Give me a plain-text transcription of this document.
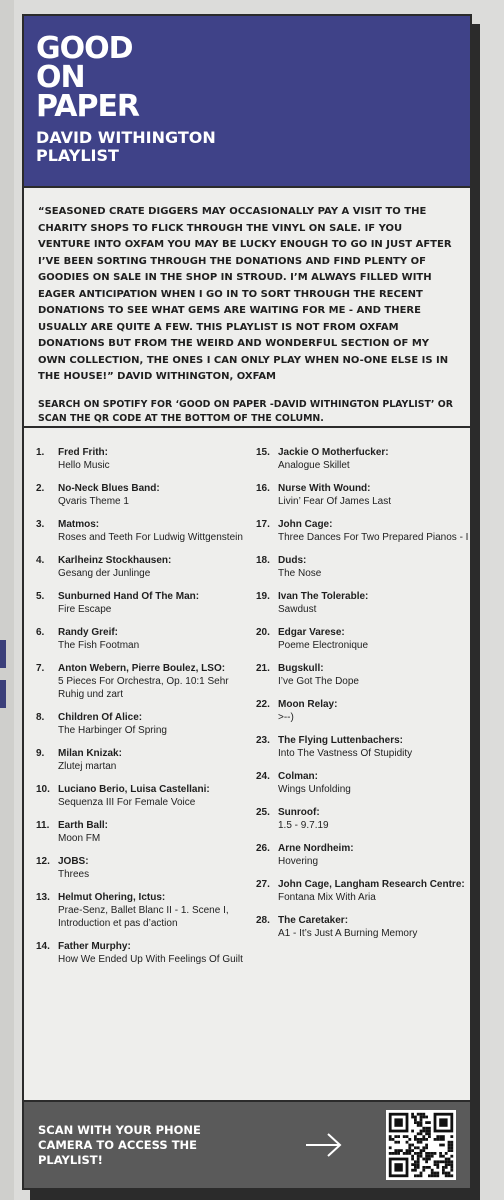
GOOD
ON
PAPER
DAVID WITHINGTON
PLAYLIST

“SEASONED CRATE DIGGERS MAY OCCASIONALLY PAY A VISIT TO THE CHARITY SHOPS TO FLICK THROUGH THE VINYL ON SALE. IF YOU VENTURE INTO OXFAM YOU MAY BE LUCKY ENOUGH TO GO IN JUST AFTER I’VE BEEN SORTING THROUGH THE DONATIONS AND FIND PLENTY OF GOODIES ON SALE IN THE SHOP IN STROUD. I’M ALWAYS FILLED WITH EAGER ANTICIPATION WHEN I GO IN TO SORT THROUGH THE RECENT DONATIONS TO SEE WHAT GEMS ARE WAITING FOR ME - AND THERE USUALLY ARE QUITE A FEW. THIS PLAYLIST IS NOT FROM OXFAM DONATIONS BUT FROM THE WEIRD AND WONDERFUL SECTION OF MY OWN COLLECTION, THE ONES I CAN ONLY PLAY WHEN NO-ONE ELSE IS IN THE HOUSE!” DAVID WITHINGTON, OXFAM

SEARCH ON SPOTIFY FOR ‘GOOD ON PAPER -DAVID WITHINGTON PLAYLIST’ OR SCAN THE QR CODE AT THE BOTTOM OF THE COLUMN.

1.	Fred Frith:
Hello Music
2.	No-Neck Blues Band:
Qvaris Theme 1
3.	Matmos:
Roses and Teeth For Ludwig Wittgenstein
4.	Karlheinz Stockhausen:
Gesang der Junlinge
5.	Sunburned Hand Of The Man:
Fire Escape
6.	Randy Greif:
The Fish Footman
7.	Anton Webern, Pierre Boulez, LSO:
5 Pieces For Orchestra, Op. 10:1 Sehr Ruhig und zart
8.	Children Of Alice:
The Harbinger Of Spring
9.	Milan Knizak:
Zlutej martan
10. Luciano Berio, Luisa Castellani:
Sequenza III For Female Voice
11. Earth Ball:
Moon FM
12. JOBS:
Threes
13. Helmut Ohering, Ictus:
Prae-Senz, Ballet Blanc II - 1. Scene I, Introduction et pas d’action
14. Father Murphy:
How We Ended Up With Feelings Of Guilt
15. Jackie O Motherfucker:
Analogue Skillet
16. Nurse With Wound:
Livin’ Fear Of James Last
17. John Cage:
Three Dances For Two Prepared Pianos - I
18. Duds:
The Nose
19. Ivan The Tolerable:
Sawdust
20. Edgar Varese:
Poeme Electronique
21. Bugskull:
I’ve Got The Dope
22. Moon Relay:
>--)
23. The Flying Luttenbachers:
Into The Vastness Of Stupidity
24. Colman:
Wings Unfolding
25. Sunroof:
1.5 - 9.7.19
26. Arne Nordheim:
Hovering
27. John Cage, Langham Research Centre:
Fontana Mix With Aria
28. The Caretaker:
A1 - It’s Just A Burning Memory
SCAN WITH YOUR PHONE
CAMERA TO ACCESS THE
PLAYLIST!
